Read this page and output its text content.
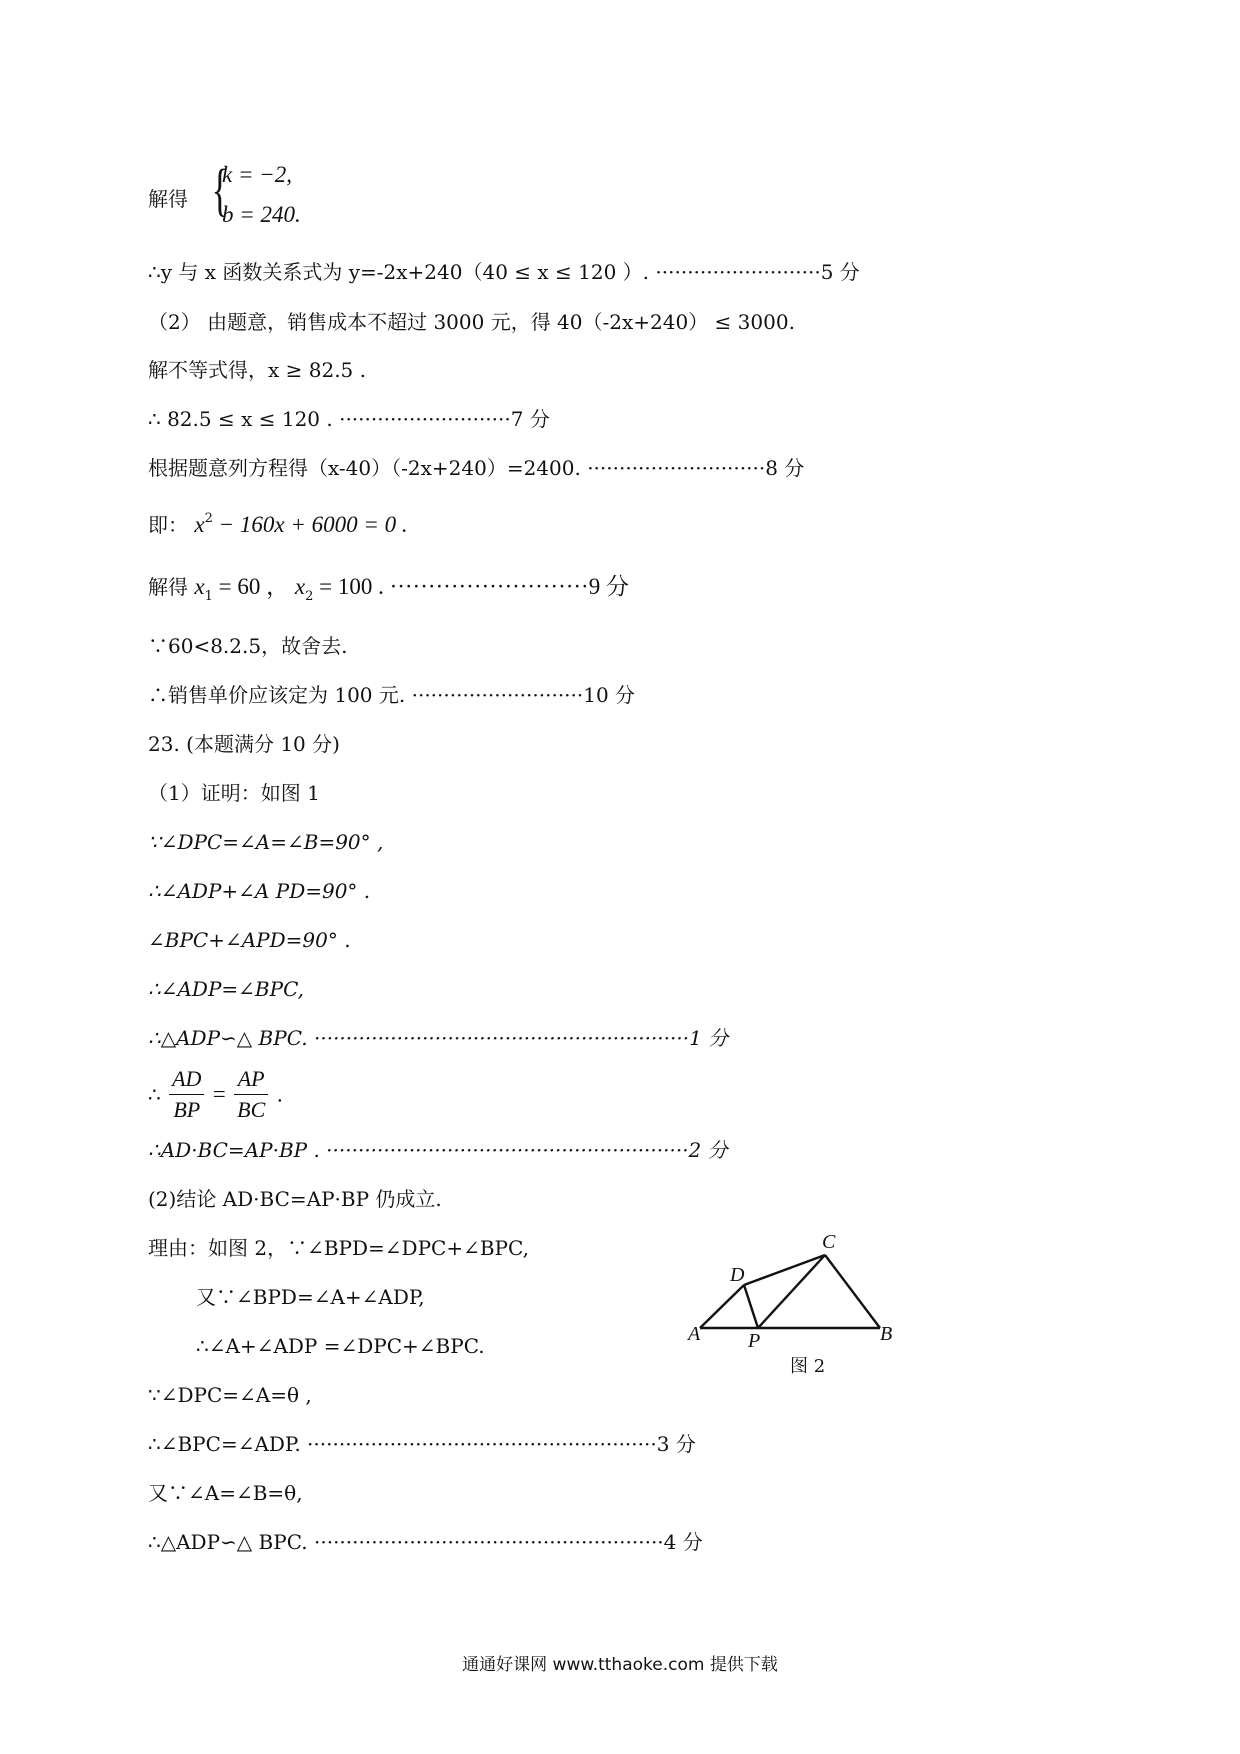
解得 {
k = −2,
b = 240.
∴y 与 x 函数关系式为 y=-2x+240（40 ≤ x ≤ 120 ）. ··························5 分
（2） 由题意，销售成本不超过 3000 元，得 40（-2x+240） ≤ 3000.
解不等式得，x ≥ 82.5 .
∴ 82.5 ≤ x ≤ 120 . ···························7 分
根据题意列方程得（x-40）（-2x+240）=2400. ····························8 分
即： $x^2 - 160x + 6000 = 0$ .
解得 $x_1 = 60$ ， $x_2 = 100$ . ··························9 分
∵60<8.2.5，故舍去.
∴销售单价应该定为 100 元. ···························10 分
23. (本题满分 10 分)
（1）证明：如图 1
∵∠DPC=∠A=∠B=90° ,
∴∠ADP+∠A PD=90° .
∠BPC+∠APD=90° .
∴∠ADP=∠BPC,
∴△ADP∽△ BPC. ···························································1 分
∴ $\frac{AD}{BP} = \frac{AP}{BC}$ .
∴AD·BC=AP·BP . ·························································2 分
(2)结论 AD·BC=AP·BP 仍成立.
理由：如图 2，∵∠BPD=∠DPC+∠BPC,
又∵∠BPD=∠A+∠ADP,
∴∠A+∠ADP =∠DPC+∠BPC.
∵∠DPC=∠A=θ ,
∴∠BPC=∠ADP. ·······················································3 分
又∵∠A=∠B=θ,
∴△ADP∽△ BPC. ·······················································4 分
A	B
C
D
P
图 2
通通好课网 www.tthaoke.com 提供下载
